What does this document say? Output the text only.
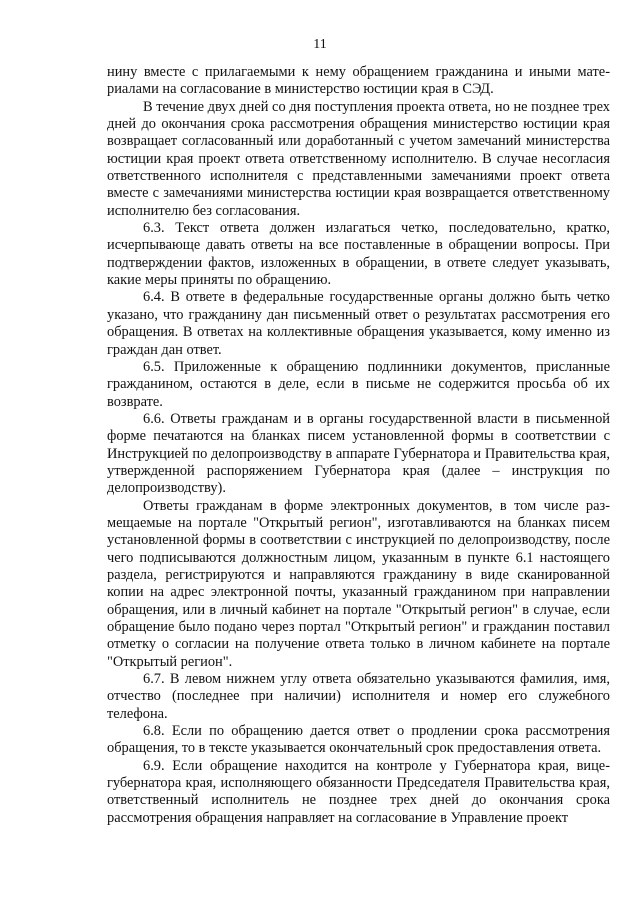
11

нину вместе с прилагаемыми к нему обращением гражданина и иными материалами на согласование в министерство юстиции края в СЭД.

В течение двух дней со дня поступления проекта ответа, но не позднее трех дней до окончания срока рассмотрения обращения министерство юстиции края возвращает согласованный или доработанный с учетом замечаний министерства юстиции края проект ответа ответственному исполнителю. В случае несогласия ответственного исполнителя с представленными замечаниями проект ответа вместе с замечаниями министерства юстиции края возвращается ответственному исполнителю без согласования.

6.3. Текст ответа должен излагаться четко, последовательно, кратко, исчерпывающе давать ответы на все поставленные в обращении вопросы. При подтверждении фактов, изложенных в обращении, в ответе следует указывать, какие меры приняты по обращению.

6.4. В ответе в федеральные государственные органы должно быть четко указано, что гражданину дан письменный ответ о результатах рассмотрения его обращения. В ответах на коллективные обращения указывается, кому именно из граждан дан ответ.

6.5. Приложенные к обращению подлинники документов, присланные гражданином, остаются в деле, если в письме не содержится просьба об их возврате.

6.6. Ответы гражданам и в органы государственной власти в письменной форме печатаются на бланках писем установленной формы в соответствии с Инструкцией по делопроизводству в аппарате Губернатора и Правительства края, утвержденной распоряжением Губернатора края (далее – инструкция по делопроизводству).

Ответы гражданам в форме электронных документов, в том числе размещаемые на портале "Открытый регион", изготавливаются на бланках писем установленной формы в соответствии с инструкцией по делопроизводству, после чего подписываются должностным лицом, указанным в пункте 6.1 настоящего раздела, регистрируются и направляются гражданину в виде сканированной копии на адрес электронной почты, указанный гражданином при направлении обращения, или в личный кабинет на портале "Открытый регион" в случае, если обращение было подано через портал "Открытый регион" и гражданин поставил отметку о согласии на получение ответа только в личном кабинете на портале "Открытый регион".

6.7. В левом нижнем углу ответа обязательно указываются фамилия, имя, отчество (последнее при наличии) исполнителя и номер его служебного телефона.

6.8. Если по обращению дается ответ о продлении срока рассмотрения обращения, то в тексте указывается окончательный срок предоставления ответа.

6.9. Если обращение находится на контроле у Губернатора края, вице-губернатора края, исполняющего обязанности Председателя Правительства края, ответственный исполнитель не позднее трех дней до окончания срока рассмотрения обращения направляет на согласование в Управление проект
